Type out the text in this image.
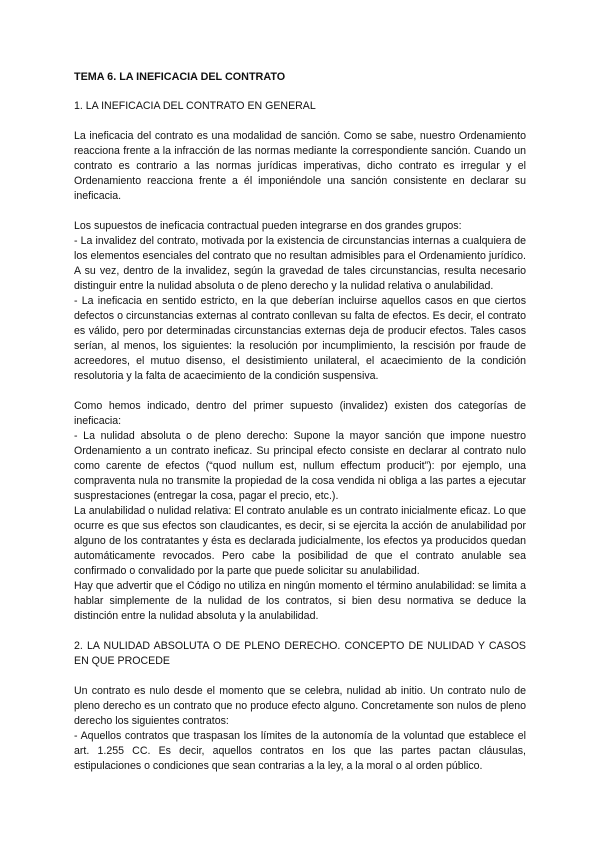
TEMA 6. LA INEFICACIA DEL CONTRATO
1. LA INEFICACIA DEL CONTRATO EN GENERAL
La ineficacia del contrato es una modalidad de sanción. Como se sabe, nuestro Ordenamiento reacciona frente a la infracción de las normas mediante la correspondiente sanción. Cuando un contrato es contrario a las normas jurídicas imperativas, dicho contrato es irregular y el Ordenamiento reacciona frente a él imponiéndole una sanción consistente en declarar su ineficacia.
Los supuestos de ineficacia contractual pueden integrarse en dos grandes grupos:
- La invalidez del contrato, motivada por la existencia de circunstancias internas a cualquiera de los elementos esenciales del contrato que no resultan admisibles para el Ordenamiento jurídico. A su vez, dentro de la invalidez, según la gravedad de tales circunstancias, resulta necesario distinguir entre la nulidad absoluta o de pleno derecho y la nulidad relativa o anulabilidad.
- La ineficacia en sentido estricto, en la que deberían incluirse aquellos casos en que ciertos defectos o circunstancias externas al contrato conllevan su falta de efectos. Es decir, el contrato es válido, pero por determinadas circunstancias externas deja de producir efectos. Tales casos serían, al menos, los siguientes: la resolución por incumplimiento, la rescisión por fraude de acreedores, el mutuo disenso, el desistimiento unilateral, el acaecimiento de la condición resolutoria y la falta de acaecimiento de la condición suspensiva.
Como hemos indicado, dentro del primer supuesto (invalidez) existen dos categorías de ineficacia:
- La nulidad absoluta o de pleno derecho: Supone la mayor sanción que impone nuestro Ordenamiento a un contrato ineficaz. Su principal efecto consiste en declarar al contrato nulo como carente de efectos (“quod nullum est, nullum effectum producit”): por ejemplo, una compraventa nula no transmite la propiedad de la cosa vendida ni obliga a las partes a ejecutar susprestaciones (entregar la cosa, pagar el precio, etc.).
La anulabilidad o nulidad relativa: El contrato anulable es un contrato inicialmente eficaz. Lo que ocurre es que sus efectos son claudicantes, es decir, si se ejercita la acción de anulabilidad por alguno de los contratantes y ésta es declarada judicialmente, los efectos ya producidos quedan automáticamente revocados. Pero cabe la posibilidad de que el contrato anulable sea confirmado o convalidado por la parte que puede solicitar su anulabilidad.
Hay que advertir que el Código no utiliza en ningún momento el término anulabilidad: se limita a hablar simplemente de la nulidad de los contratos, si bien desu normativa se deduce la distinción entre la nulidad absoluta y la anulabilidad.
2. LA NULIDAD ABSOLUTA O DE PLENO DERECHO. CONCEPTO DE NULIDAD Y CASOS EN QUE PROCEDE
Un contrato es nulo desde el momento que se celebra, nulidad ab initio. Un contrato nulo de pleno derecho es un contrato que no produce efecto alguno. Concretamente son nulos de pleno derecho los siguientes contratos:
- Aquellos contratos que traspasan los límites de la autonomía de la voluntad que establece el art. 1.255 CC. Es decir, aquellos contratos en los que las partes pactan cláusulas, estipulaciones o condiciones que sean contrarias a la ley, a la moral o al orden público.
